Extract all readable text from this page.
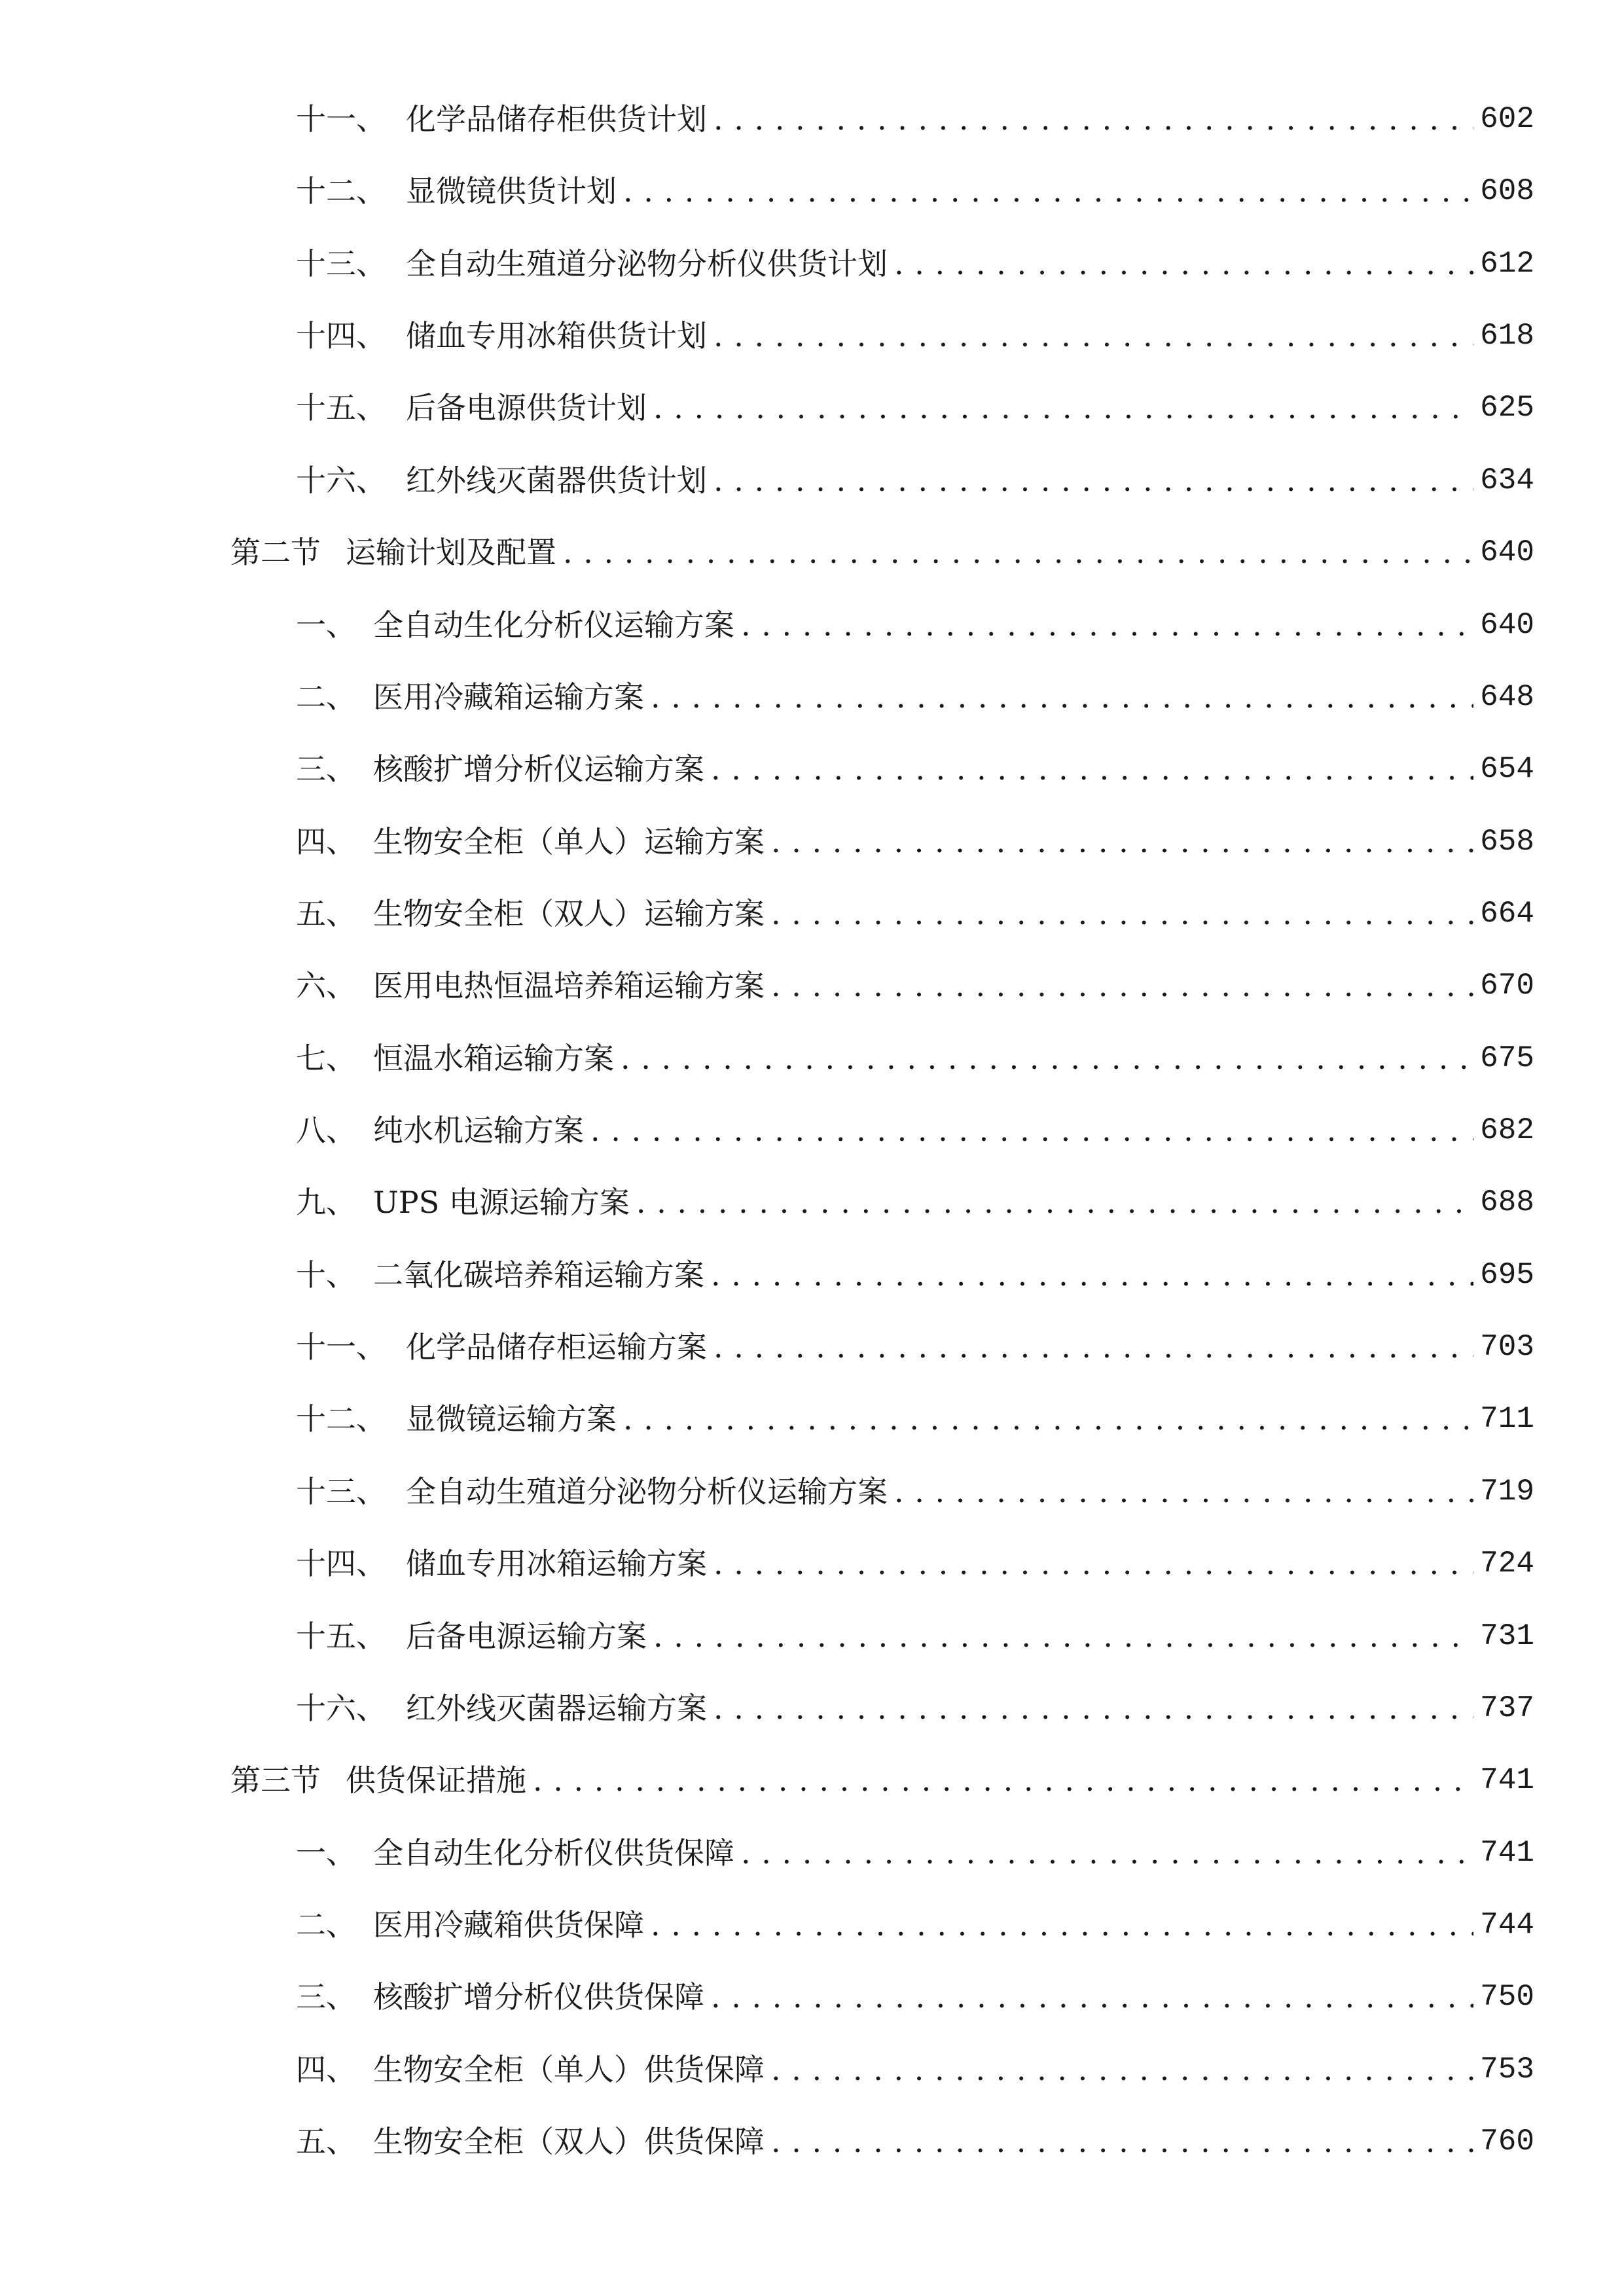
十一、 化学品储存柜供货计划 . . .	602
十二、 显微镜供货计划 . . .	608
十三、 全自动生殖道分泌物分析仪供货计划 . . .	612
十四、 储血专用冰箱供货计划 . . .	618
十五、 后备电源供货计划 . . .	625
十六、 红外线灭菌器供货计划 . . .	634
第二节 运输计划及配置 . . .	640
一、 全自动生化分析仪运输方案 . . .	640
二、 医用冷藏箱运输方案 . . .	648
三、 核酸扩增分析仪运输方案 . . .	654
四、 生物安全柜（单人）运输方案 . . .	658
五、 生物安全柜（双人）运输方案 . . .	664
六、 医用电热恒温培养箱运输方案 . . .	670
七、 恒温水箱运输方案 . . .	675
八、 纯水机运输方案 . . .	682
九、 UPS 电源运输方案 . . .	688
十、 二氧化碳培养箱运输方案 . . .	695
十一、 化学品储存柜运输方案 . . .	703
十二、 显微镜运输方案 . . .	711
十三、 全自动生殖道分泌物分析仪运输方案 . . .	719
十四、 储血专用冰箱运输方案 . . .	724
十五、 后备电源运输方案 . . .	731
十六、 红外线灭菌器运输方案 . . .	737
第三节 供货保证措施 . . .	741
一、 全自动生化分析仪供货保障 . . .	741
二、 医用冷藏箱供货保障 . . .	744
三、 核酸扩增分析仪供货保障 . . .	750
四、 生物安全柜（单人）供货保障 . . .	753
五、 生物安全柜（双人）供货保障 . . .	760
